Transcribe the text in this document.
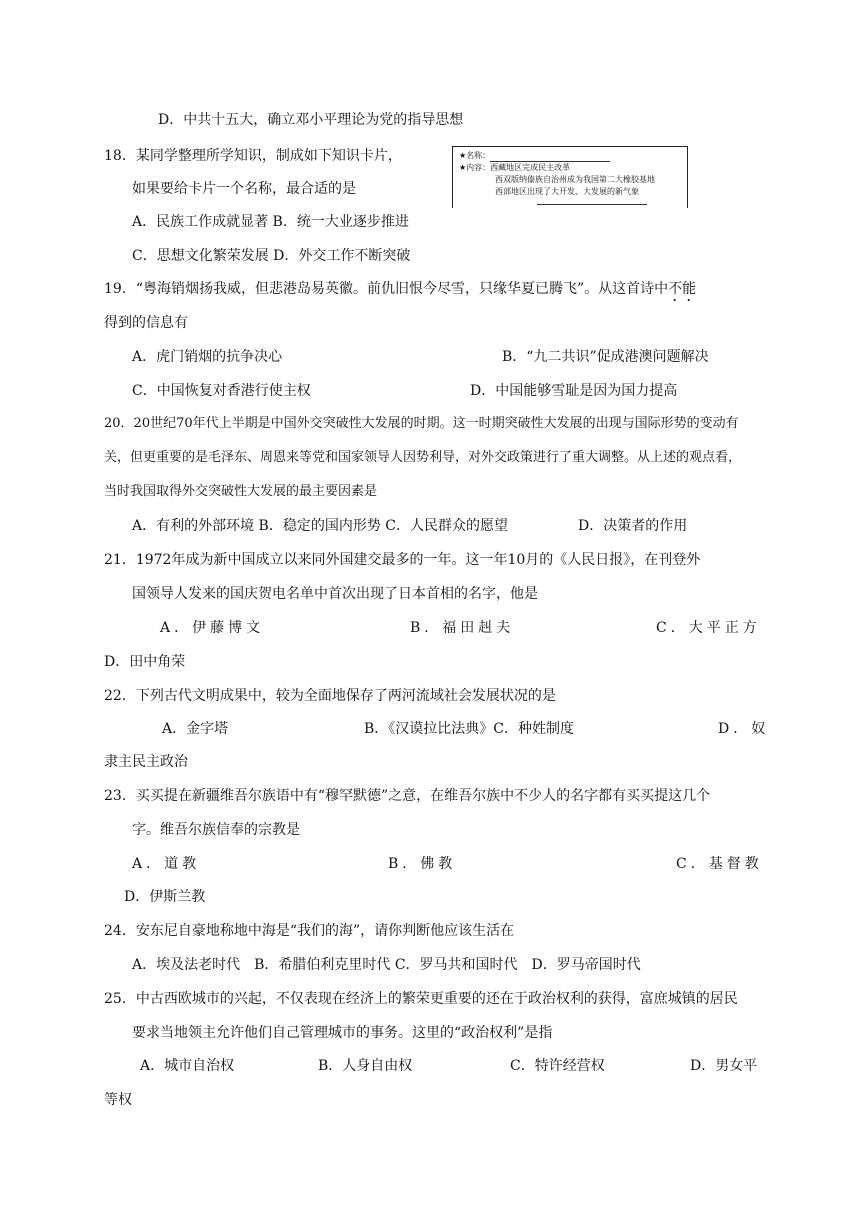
D．中共十五大，确立邓小平理论为党的指导思想
18．某同学整理所学知识，制成如下知识卡片，
如果要给卡片一个名称，最合适的是
★名称：
★内容：西藏地区完成民主改革
西双版纳傣族自治州成为我国第二大橡胶基地
西部地区出现了大开发、大发展的新气象
A．民族工作成就显著 B．统一大业逐步推进
C．思想文化繁荣发展 D．外交工作不断突破
19．“粤海销烟扬我威，但悲港岛易英徽。前仇旧恨今尽雪，只缘华夏已腾飞”。从这首诗中不能
得到的信息有
A．虎门销烟的抗争决心	B．“九二共识”促成港澳问题解决
C．中国恢复对香港行使主权	D．中国能够雪耻是因为国力提高
20．20世纪70年代上半期是中国外交突破性大发展的时期。这一时期突破性大发展的出现与国际形势的变动有
关，但更重要的是毛泽东、周恩来等党和国家领导人因势利导，对外交政策进行了重大调整。从上述的观点看，
当时我国取得外交突破性大发展的最主要因素是
A．有利的外部环境 B．稳定的国内形势 C．人民群众的愿望	D．决策者的作用
21．1972年成为新中国成立以来同外国建交最多的一年。这一年10月的《人民日报》，在刊登外
国领导人发来的国庆贺电名单中首次出现了日本首相的名字，他是
A．伊藤博文	B．福田赳夫	C．大平正方
D．田中角荣
22．下列古代文明成果中，较为全面地保存了两河流域社会发展状况的是
A．金字塔	B．《汉谟拉比法典》C．种姓制度	D．奴
隶主民主政治
23．买买提在新疆维吾尔族语中有“穆罕默德”之意，在维吾尔族中不少人的名字都有买买提这几个
字。维吾尔族信奉的宗教是
A．道教	B．佛教	C．基督教
D．伊斯兰教
24．安东尼自豪地称地中海是“我们的海”，请你判断他应该生活在
A．埃及法老时代　B．希腊伯利克里时代 C．罗马共和国时代　D．罗马帝国时代
25．中古西欧城市的兴起，不仅表现在经济上的繁荣更重要的还在于政治权利的获得，富庶城镇的居民
要求当地领主允许他们自己管理城市的事务。这里的“政治权利”是指
A．城市自治权	B．人身自由权	C．特许经营权	D．男女平
等权
